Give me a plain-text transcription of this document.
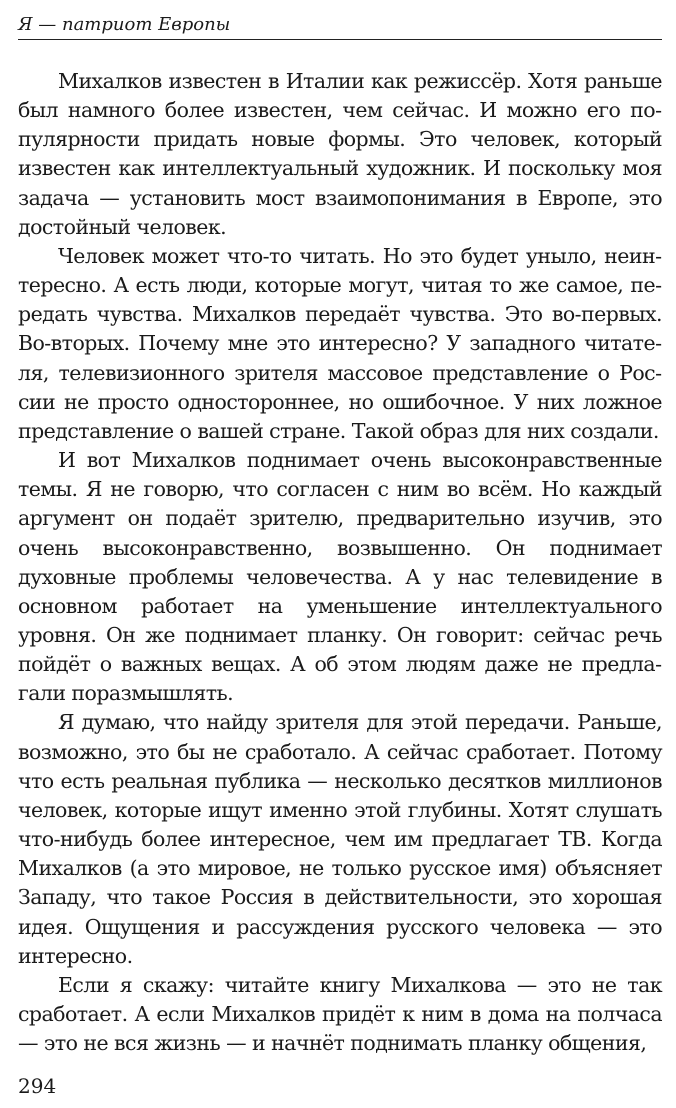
Я — патриот Европы

Михалков известен в Италии как режиссёр. Хотя раньше был намного более известен, чем сейчас. И можно его популярности придать новые формы. Это человек, который известен как интеллектуальный художник. И поскольку моя задача — установить мост взаимопонимания в Европе, это достойный человек.

Человек может что-то читать. Но это будет уныло, неинтересно. А есть люди, которые могут, читая то же самое, передать чувства. Михалков передаёт чувства. Это во-первых. Во-вторых. Почему мне это интересно? У западного читателя, телевизионного зрителя массовое представление о России не просто одностороннее, но ошибочное. У них ложное представление о вашей стране. Такой образ для них создали.

И вот Михалков поднимает очень высоконравственные темы. Я не говорю, что согласен с ним во всём. Но каждый аргумент он подаёт зрителю, предварительно изучив, это очень высоконравственно, возвышенно. Он поднимает духовные проблемы человечества. А у нас телевидение в основном работает на уменьшение интеллектуального уровня. Он же поднимает планку. Он говорит: сейчас речь пойдёт о важных вещах. А об этом людям даже не предлагали поразмышлять.

Я думаю, что найду зрителя для этой передачи. Раньше, возможно, это бы не сработало. А сейчас сработает. Потому что есть реальная публика — несколько десятков миллионов человек, которые ищут именно этой глубины. Хотят слушать что-нибудь более интересное, чем им предлагает ТВ. Когда Михалков (а это мировое, не только русское имя) объясняет Западу, что такое Россия в действительности, это хорошая идея. Ощущения и рассуждения русского человека — это интересно.

Если я скажу: читайте книгу Михалкова — это не так сработает. А если Михалков придёт к ним в дома на полчаса — это не вся жизнь — и начнёт поднимать планку общения,

294
